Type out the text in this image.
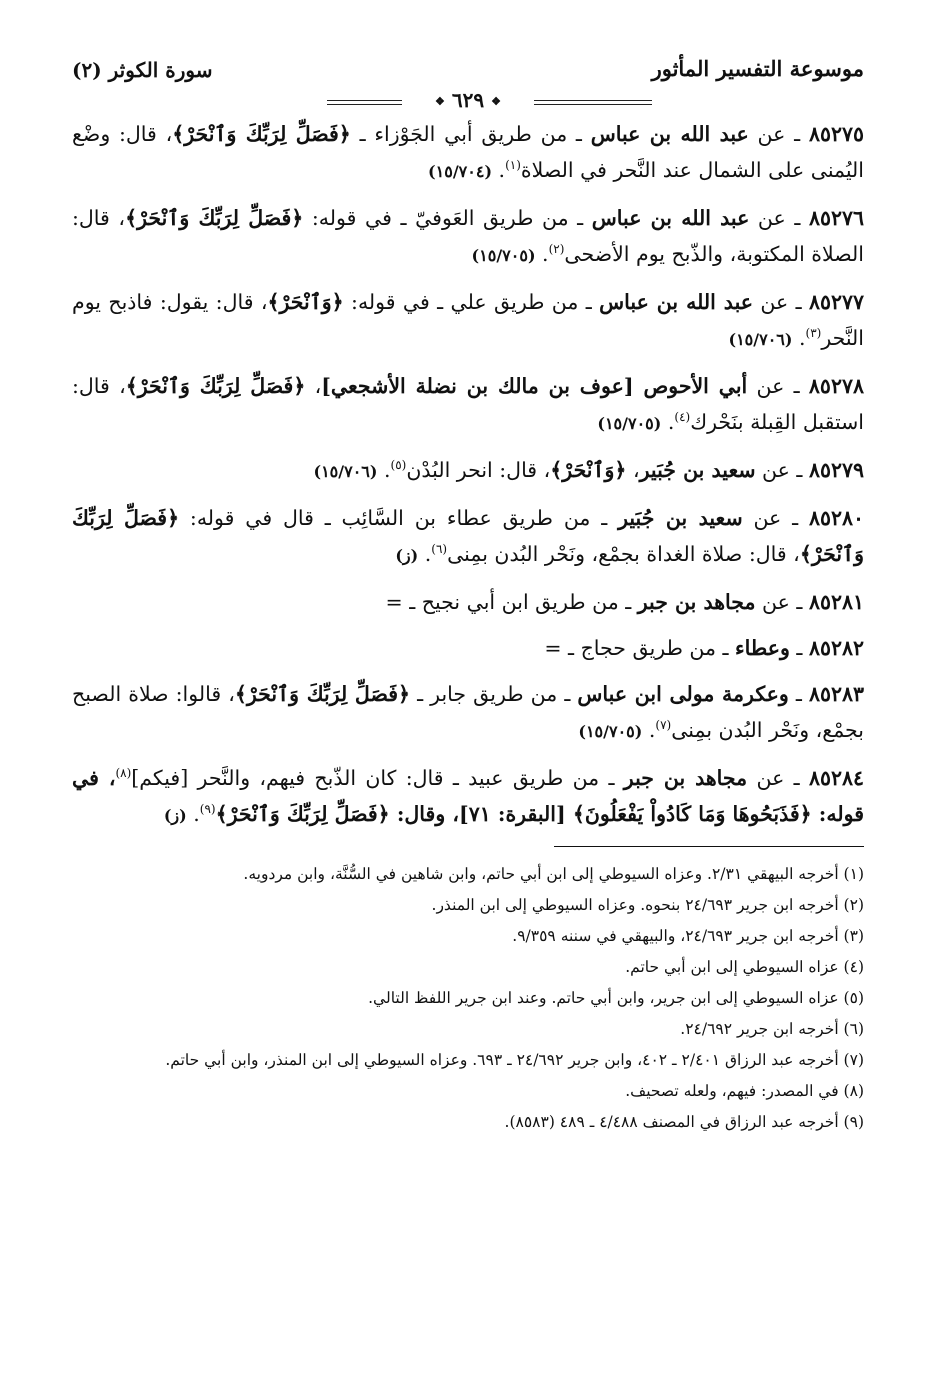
موسوعة التفسير المأثور
❖ ٦٢٩ ❖
سورة الكوثر (٢)

٨٥٢٧٥ ـ عن عبد الله بن عباس ـ من طريق أبي الجَوْزاء ـ ﴿فَصَلِّ لِرَبِّكَ وَٱنْحَرْ﴾، قال: وضْع اليُمنى على الشمال عند النَّحر في الصلاة$^{(١)}$. (١٥/٧٠٤)

٨٥٢٧٦ ـ عن عبد الله بن عباس ـ من طريق العَوفيّ ـ في قوله: ﴿فَصَلِّ لِرَبِّكَ وَٱنْحَرْ﴾، قال: الصلاة المكتوبة، والذّبح يوم الأضحى$^{(٢)}$. (١٥/٧٠٥)

٨٥٢٧٧ ـ عن عبد الله بن عباس ـ من طريق علي ـ في قوله: ﴿وَٱنْحَرْ﴾، قال: يقول: فاذبح يوم النَّحر$^{(٣)}$. (١٥/٧٠٦)

٨٥٢٧٨ ـ عن أبي الأحوص [عوف بن مالك بن نضلة الأشجعي]، ﴿فَصَلِّ لِرَبِّكَ وَٱنْحَرْ﴾، قال: استقبل القِبلة بنَحْرك$^{(٤)}$. (١٥/٧٠٥)

٨٥٢٧٩ ـ عن سعيد بن جُبَير، ﴿وَٱنْحَرْ﴾، قال: انحر البُدْن$^{(٥)}$. (١٥/٧٠٦)

٨٥٢٨٠ ـ عن سعيد بن جُبَير ـ من طريق عطاء بن السَّائِب ـ قال في قوله: ﴿فَصَلِّ لِرَبِّكَ وَٱنْحَرْ﴾، قال: صلاة الغداة بجمْع، ونَحْر البُدن بمِنى$^{(٦)}$. (ز)

٨٥٢٨١ ـ عن مجاهد بن جبر ـ من طريق ابن أبي نجيح ـ =

٨٥٢٨٢ ـ وعطاء ـ من طريق حجاج ـ =

٨٥٢٨٣ ـ وعكرمة مولى ابن عباس ـ من طريق جابر ـ ﴿فَصَلِّ لِرَبِّكَ وَٱنْحَرْ﴾، قالوا: صلاة الصبح بجمْع، ونَحْر البُدن بمِنى$^{(٧)}$. (١٥/٧٠٥)

٨٥٢٨٤ ـ عن مجاهد بن جبر ـ من طريق عبيد ـ قال: كان الذّبح فيهم، والنَّحر [فيكم]$^{(٨)}$، في قوله: ﴿فَذَبَحُوهَا وَمَا كَادُواْ يَفْعَلُونَ﴾ [البقرة: ٧١]، وقال: ﴿فَصَلِّ لِرَبِّكَ وَٱنْحَرْ﴾$^{(٩)}$. (ز)

(١) أخرجه البيهقي ٢/٣١. وعزاه السيوطي إلى ابن أبي حاتم، وابن شاهين في السُّنَّة، وابن مردويه.

(٢) أخرجه ابن جرير ٢٤/٦٩٣ بنحوه. وعزاه السيوطي إلى ابن المنذر.

(٣) أخرجه ابن جرير ٢٤/٦٩٣، والبيهقي في سننه ٩/٣٥٩.

(٤) عزاه السيوطي إلى ابن أبي حاتم.

(٥) عزاه السيوطي إلى ابن جرير، وابن أبي حاتم. وعند ابن جرير اللفظ التالي.

(٦) أخرجه ابن جرير ٢٤/٦٩٢.

(٧) أخرجه عبد الرزاق ٢/٤٠١ ـ ٤٠٢، وابن جرير ٢٤/٦٩٢ ـ ٦٩٣. وعزاه السيوطي إلى ابن المنذر، وابن أبي حاتم.

(٨) في المصدر: فيهم، ولعله تصحيف.

(٩) أخرجه عبد الرزاق في المصنف ٤/٤٨٨ ـ ٤٨٩ (٨٥٨٣).
